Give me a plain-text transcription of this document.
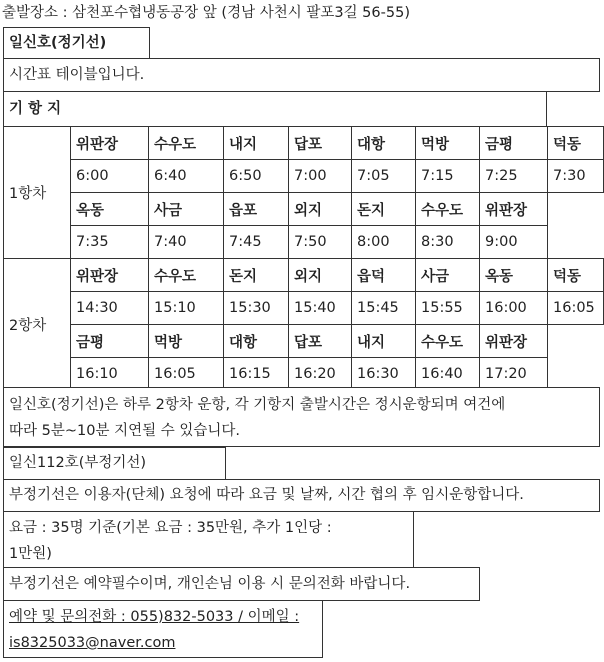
출발장소 : 삼천포수협냉동공장 앞 (경남 사천시 팔포3길 56-55)
일신호(정기선)
시간표 테이블입니다.
기 항 지
1항차	위판장	수우도	내지	답포	대항	먹방	금평	덕동
	6:00	6:40	6:50	7:00	7:05	7:15	7:25	7:30
	옥동	사금	읍포	외지	돈지	수우도	위판장	
	7:35	7:40	7:45	7:50	8:00	8:30	9:00	
2항차	위판장	수우도	돈지	외지	읍덕	사금	옥동	덕동
	14:30	15:10	15:30	15:40	15:45	15:55	16:00	16:05
	금평	먹방	대항	답포	내지	수우도	위판장	
	16:10	16:05	16:15	16:20	16:30	16:40	17:20	
일신호(정기선)은 하루 2항차 운항, 각 기항지 출발시간은 정시운항되며 여건에
따라 5분~10분 지연될 수 있습니다.
일신112호(부정기선)
부정기선은 이용자(단체) 요청에 따라 요금 및 날짜, 시간 협의 후 임시운항합니다.
요금 : 35명 기준(기본 요금 : 35만원, 추가 1인당 :
1만원)
부정기선은 예약필수이며, 개인손님 이용 시 문의전화 바랍니다.
예약 및 문의전화 : 055)832-5033 / 이메일 :
is8325033@naver.com
